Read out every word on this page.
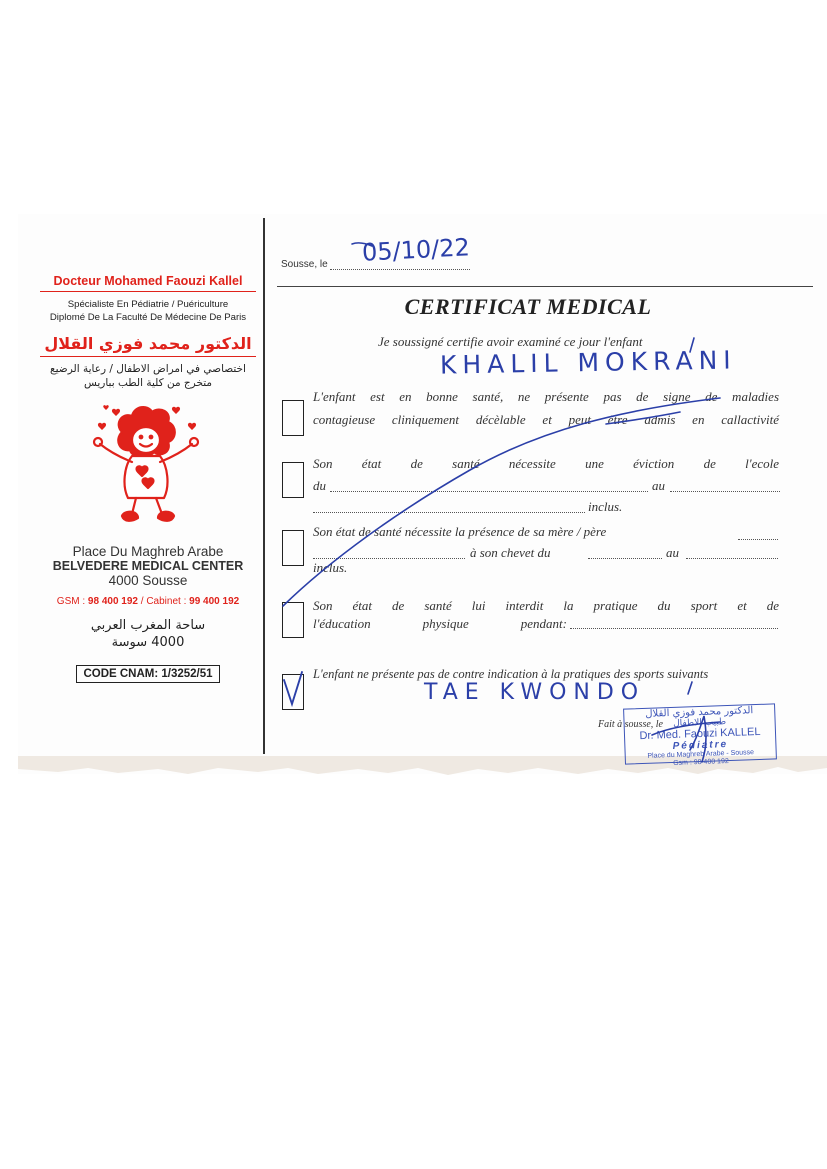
Docteur Mohamed Faouzi Kallel
Spécialiste En Pédiatrie / Puériculture
Diplomé De La Faculté De Médecine De Paris
الدكتور محمد فوزي القلال
اختصاصي في امراض الاطفال / رعاية الرضيع
متخرج من كلية الطب بباريس
Place Du Maghreb Arabe
BELVEDERE MEDICAL CENTER
4000 Sousse
GSM : 98 400 192 / Cabinet : 99 400 192
ساحة المغرب العربي
4000 سوسة
CODE CNAM: 1/3252/51
Sousse, le 05/10/22
CERTIFICAT MEDICAL
Je soussigné certifie avoir examiné ce jour l'enfant
KHALIL MOKRANI
L'enfant est en bonne santé, ne présente pas de signe de maladies
contagieuse cliniquement décèlable et peut être admis en callactivité
Son état de santé nécessite une éviction de l'ecole
du	au
inclus.
Son état de santé nécessite la présence de sa mère / père
à son chevet du	au
inclus.
Son état de santé lui interdit la pratique du sport et de
l'éducation physique pendant:
L'enfant ne présente pas de contre indication à la pratiques des sports suivants
TAE KWONDO
Fait à sousse, le
الدكتور محمد فوزي القلال
طبيب الاطفال
Dr. Med. Faouzi KALLEL
Pédiatre
Place du Maghreb Arabe - Sousse
Gsm : 98 400 192
